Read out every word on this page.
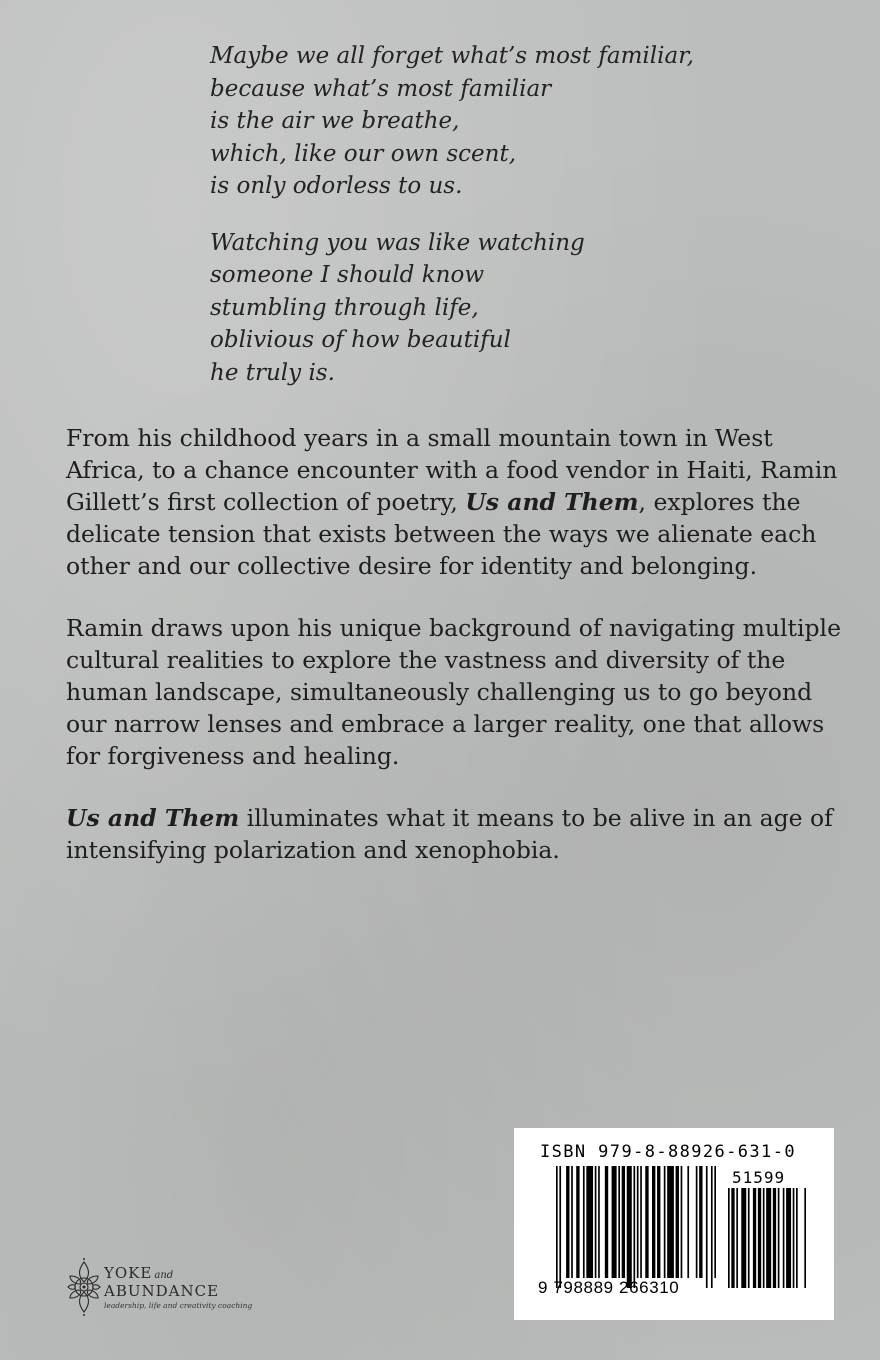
Maybe we all forget what’s most familiar,
because what’s most familiar
is the air we breathe,
which, like our own scent,
is only odorless to us.
Watching you was like watching
someone I should know
stumbling through life,
oblivious of how beautiful
he truly is.
From his childhood years in a small mountain town in West
Africa, to a chance encounter with a food vendor in Haiti, Ramin
Gillett’s first collection of poetry, Us and Them, explores the
delicate tension that exists between the ways we alienate each
other and our collective desire for identity and belonging.
Ramin draws upon his unique background of navigating multiple
cultural realities to explore the vastness and diversity of the
human landscape, simultaneously challenging us to go beyond
our narrow lenses and embrace a larger reality, one that allows
for forgiveness and healing.
Us and Them illuminates what it means to be alive in an age of
intensifying polarization and xenophobia.
YOKE and
ABUNDANCE
leadership, life and creativity coaching
ISBN 979-8-88926-631-0
51599
9 798889 266310
